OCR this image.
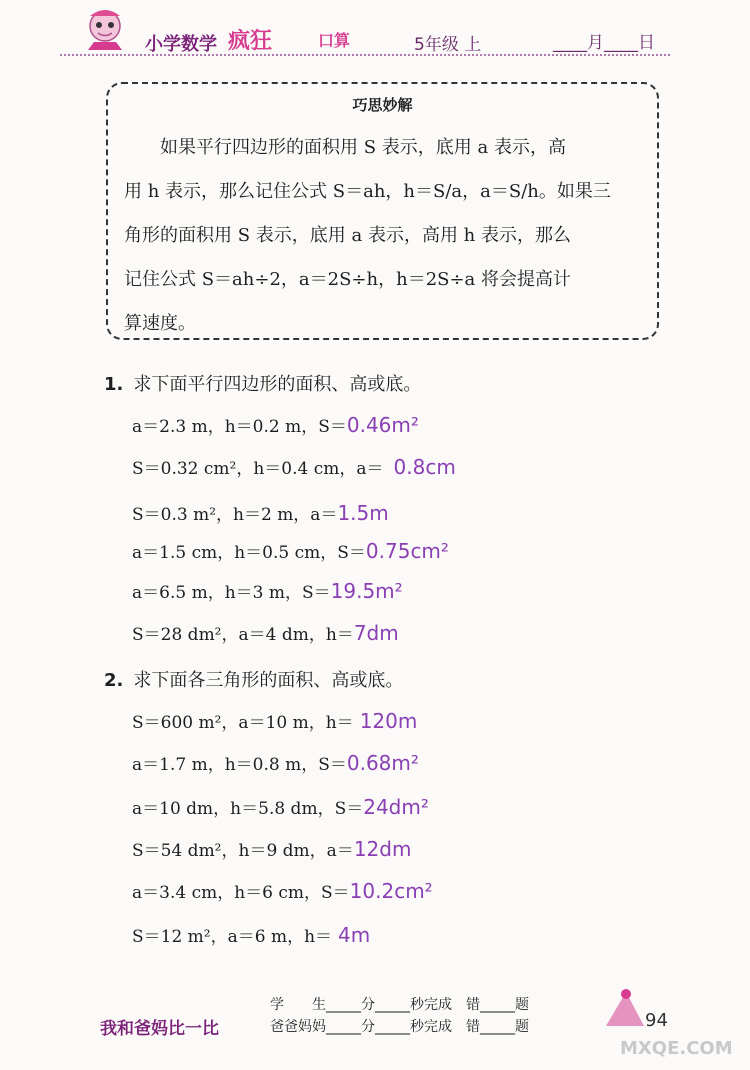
小学数学 疯狂	口算	5年级 上	____月____日
巧思妙解
　　如果平行四边形的面积用 S 表示，底用 a 表示，高
用 h 表示，那么记住公式 S＝ah，h＝S/a，a＝S/h。如果三
角形的面积用 S 表示，底用 a 表示，高用 h 表示，那么
记住公式 S＝ah÷2，a＝2S÷h，h＝2S÷a 将会提高计
算速度。
1. 求下面平行四边形的面积、高或底。
a＝2.3 m，h＝0.2 m，S＝0.46m²
S＝0.32 cm²，h＝0.4 cm，a＝ 0.8cm
S＝0.3 m²，h＝2 m，a＝1.5m
a＝1.5 cm，h＝0.5 cm，S＝0.75cm²
a＝6.5 m，h＝3 m，S＝19.5m²
S＝28 dm²，a＝4 dm，h＝7dm
2. 求下面各三角形的面积、高或底。
S＝600 m²，a＝10 m，h＝ 120m
a＝1.7 m，h＝0.8 m，S＝0.68m²
a＝10 dm，h＝5.8 dm，S＝24dm²
S＝54 dm²，h＝9 dm，a＝12dm
a＝3.4 cm，h＝6 cm，S＝10.2cm²
S＝12 m²，a＝6 m，h＝ 4m
我和爸妈比一比
学　　生_____分_____秒完成　错_____题
爸爸妈妈_____分_____秒完成　错_____题	94
MXQE.COM
